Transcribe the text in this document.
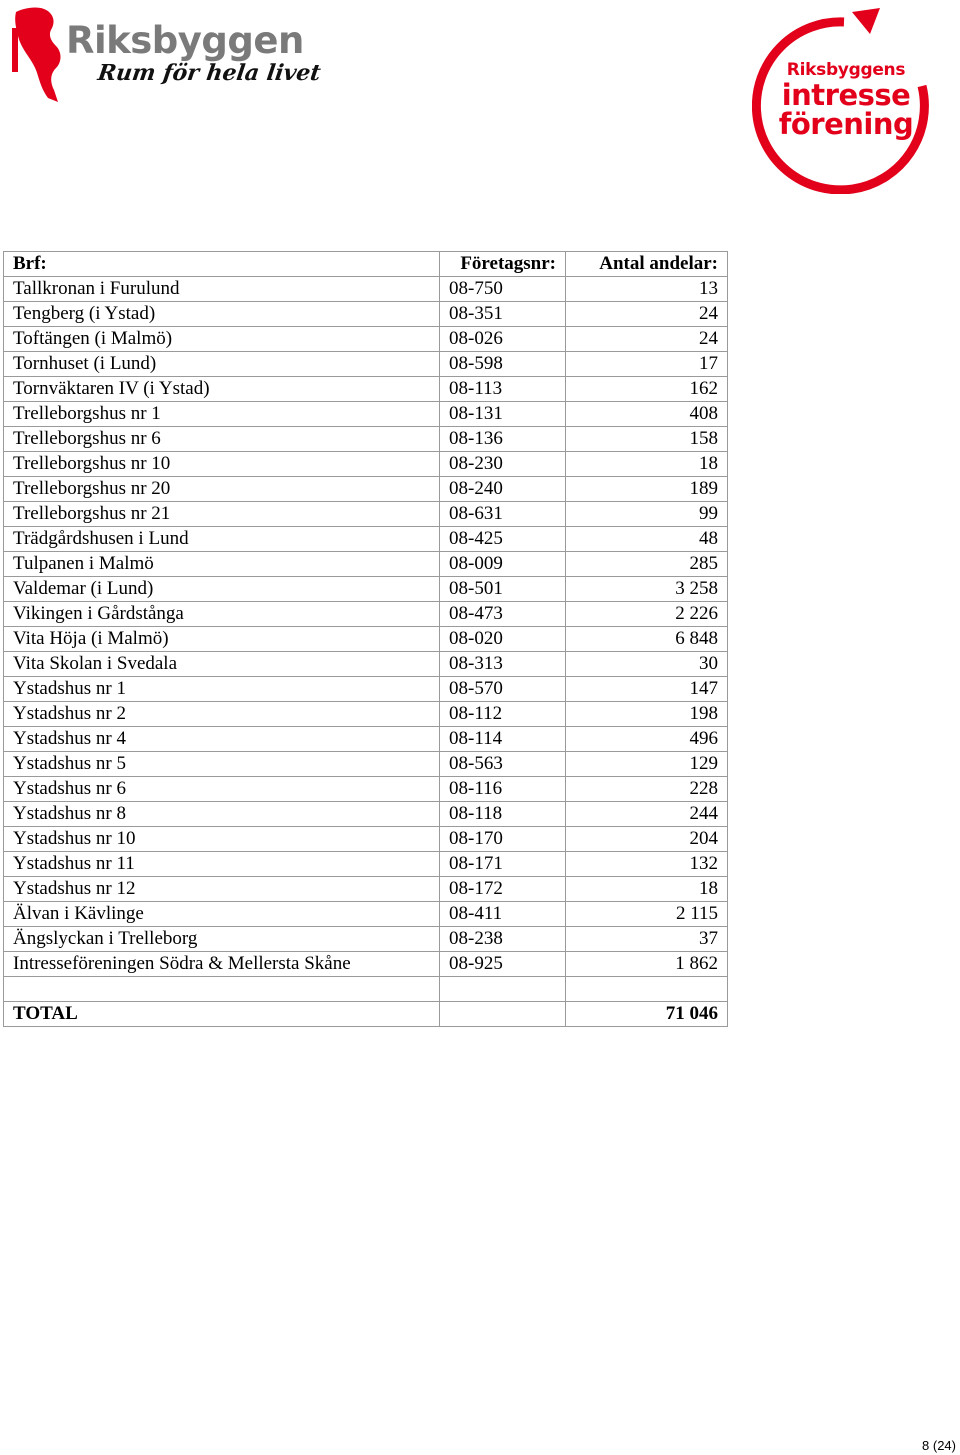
Riksbyggen
Rum för hela livet	Riksbyggens
intresse
förening
Brf:	Företagsnr:	Antal andelar:
Tallkronan i Furulund	08-750	13
Tengberg (i Ystad)	08-351	24
Toftängen (i Malmö)	08-026	24
Tornhuset (i Lund)	08-598	17
Tornväktaren IV (i Ystad)	08-113	162
Trelleborgshus nr 1	08-131	408
Trelleborgshus nr 6	08-136	158
Trelleborgshus nr 10	08-230	18
Trelleborgshus nr 20	08-240	189
Trelleborgshus nr 21	08-631	99
Trädgårdshusen i Lund	08-425	48
Tulpanen i Malmö	08-009	285
Valdemar (i Lund)	08-501	3 258
Vikingen i Gårdstånga	08-473	2 226
Vita Höja (i Malmö)	08-020	6 848
Vita Skolan i Svedala	08-313	30
Ystadshus nr 1	08-570	147
Ystadshus nr 2	08-112	198
Ystadshus nr 4	08-114	496
Ystadshus nr 5	08-563	129
Ystadshus nr 6	08-116	228
Ystadshus nr 8	08-118	244
Ystadshus nr 10	08-170	204
Ystadshus nr 11	08-171	132
Ystadshus nr 12	08-172	18
Älvan i Kävlinge	08-411	2 115
Ängslyckan i Trelleborg	08-238	37
Intresseföreningen Södra & Mellersta Skåne	08-925	1 862

TOTAL		71 046
8 (24)
